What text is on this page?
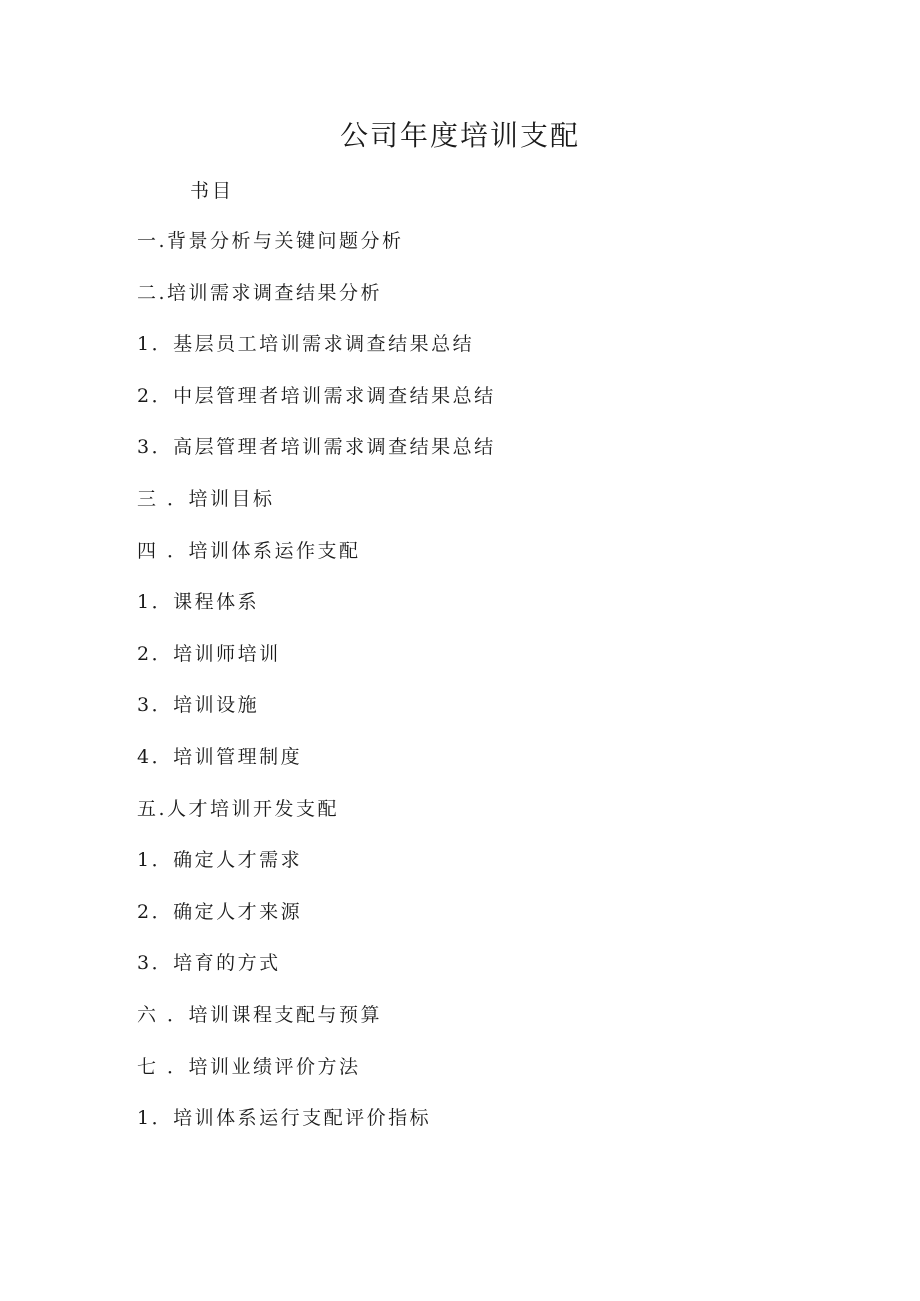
公司年度培训支配
书目
一.背景分析与关键问题分析
二.培训需求调查结果分析
1．基层员工培训需求调查结果总结
2．中层管理者培训需求调查结果总结
3．高层管理者培训需求调查结果总结
三 ．培训目标
四 ．培训体系运作支配
1．课程体系
2．培训师培训
3．培训设施
4．培训管理制度
五.人才培训开发支配
1．确定人才需求
2．确定人才来源
3．培育的方式
六 ．培训课程支配与预算
七 ．培训业绩评价方法
1．培训体系运行支配评价指标
